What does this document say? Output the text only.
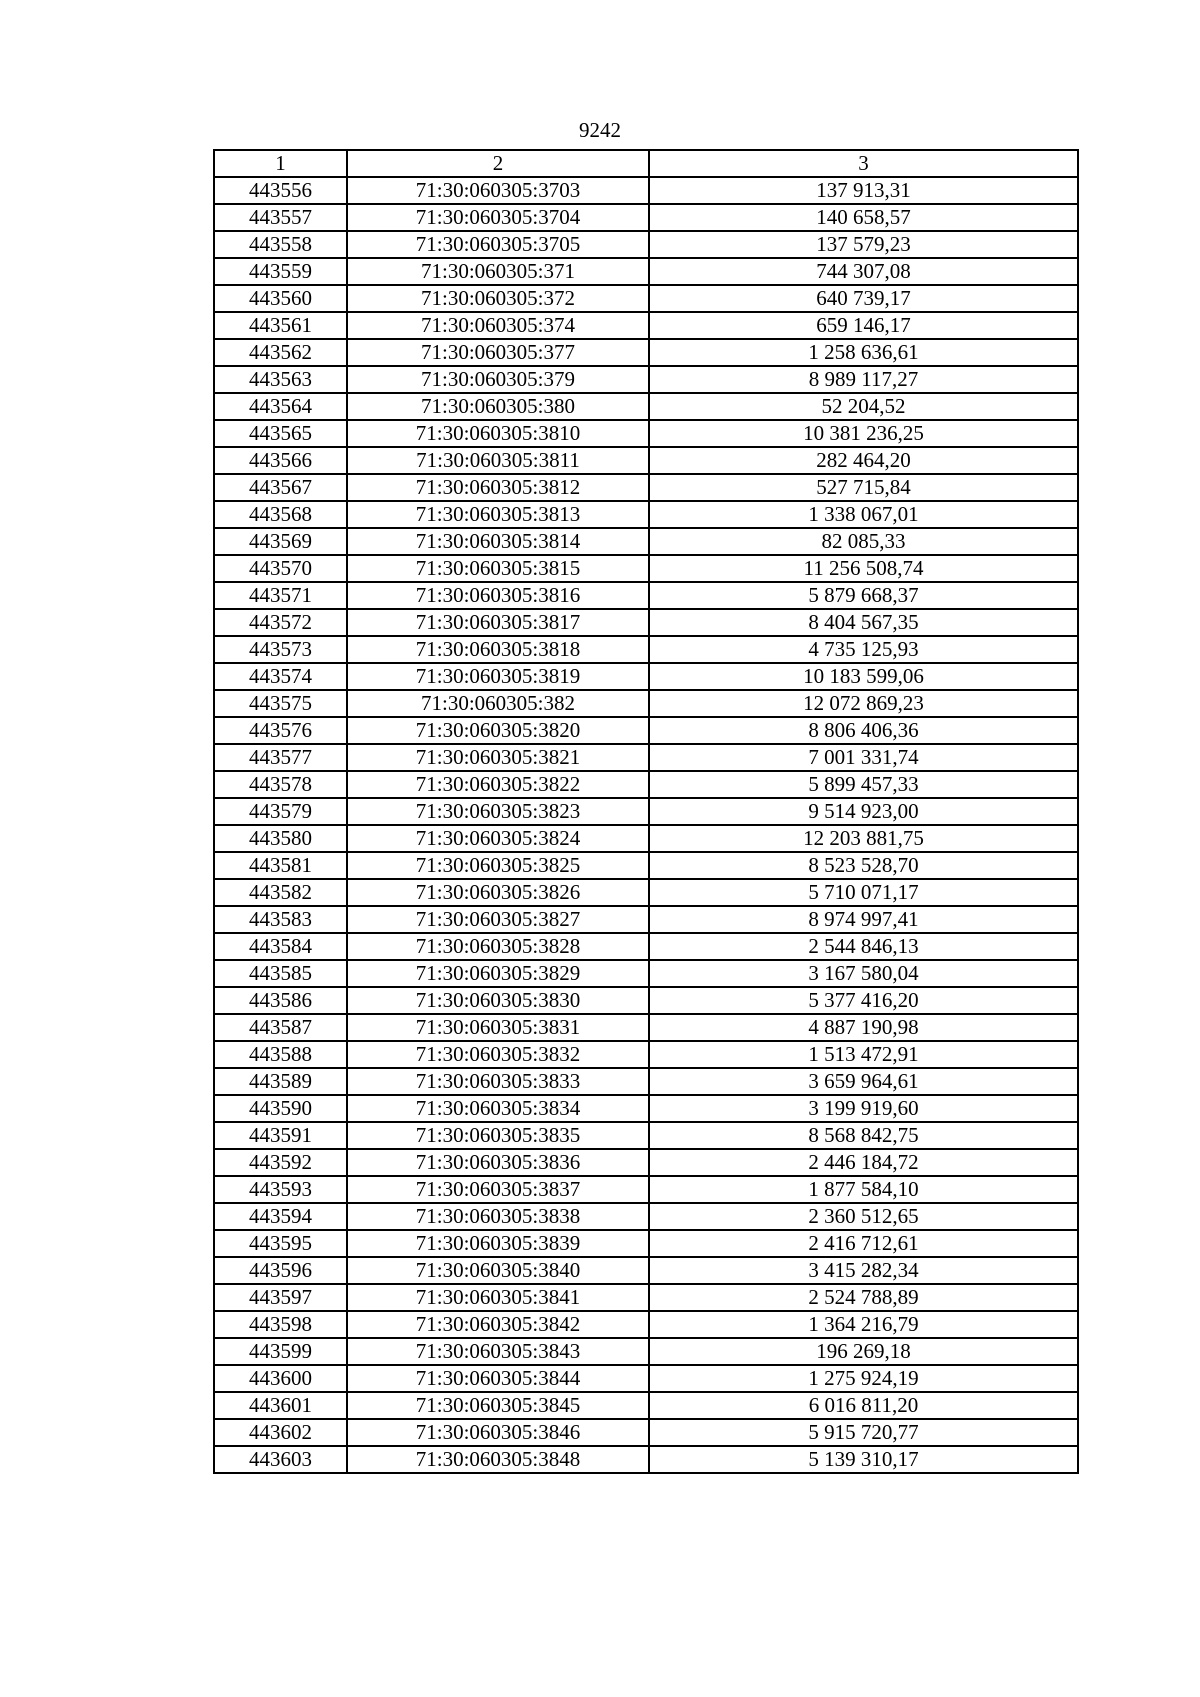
9242
1	2	3
443556	71:30:060305:3703	137 913,31
443557	71:30:060305:3704	140 658,57
443558	71:30:060305:3705	137 579,23
443559	71:30:060305:371	744 307,08
443560	71:30:060305:372	640 739,17
443561	71:30:060305:374	659 146,17
443562	71:30:060305:377	1 258 636,61
443563	71:30:060305:379	8 989 117,27
443564	71:30:060305:380	52 204,52
443565	71:30:060305:3810	10 381 236,25
443566	71:30:060305:3811	282 464,20
443567	71:30:060305:3812	527 715,84
443568	71:30:060305:3813	1 338 067,01
443569	71:30:060305:3814	82 085,33
443570	71:30:060305:3815	11 256 508,74
443571	71:30:060305:3816	5 879 668,37
443572	71:30:060305:3817	8 404 567,35
443573	71:30:060305:3818	4 735 125,93
443574	71:30:060305:3819	10 183 599,06
443575	71:30:060305:382	12 072 869,23
443576	71:30:060305:3820	8 806 406,36
443577	71:30:060305:3821	7 001 331,74
443578	71:30:060305:3822	5 899 457,33
443579	71:30:060305:3823	9 514 923,00
443580	71:30:060305:3824	12 203 881,75
443581	71:30:060305:3825	8 523 528,70
443582	71:30:060305:3826	5 710 071,17
443583	71:30:060305:3827	8 974 997,41
443584	71:30:060305:3828	2 544 846,13
443585	71:30:060305:3829	3 167 580,04
443586	71:30:060305:3830	5 377 416,20
443587	71:30:060305:3831	4 887 190,98
443588	71:30:060305:3832	1 513 472,91
443589	71:30:060305:3833	3 659 964,61
443590	71:30:060305:3834	3 199 919,60
443591	71:30:060305:3835	8 568 842,75
443592	71:30:060305:3836	2 446 184,72
443593	71:30:060305:3837	1 877 584,10
443594	71:30:060305:3838	2 360 512,65
443595	71:30:060305:3839	2 416 712,61
443596	71:30:060305:3840	3 415 282,34
443597	71:30:060305:3841	2 524 788,89
443598	71:30:060305:3842	1 364 216,79
443599	71:30:060305:3843	196 269,18
443600	71:30:060305:3844	1 275 924,19
443601	71:30:060305:3845	6 016 811,20
443602	71:30:060305:3846	5 915 720,77
443603	71:30:060305:3848	5 139 310,17
